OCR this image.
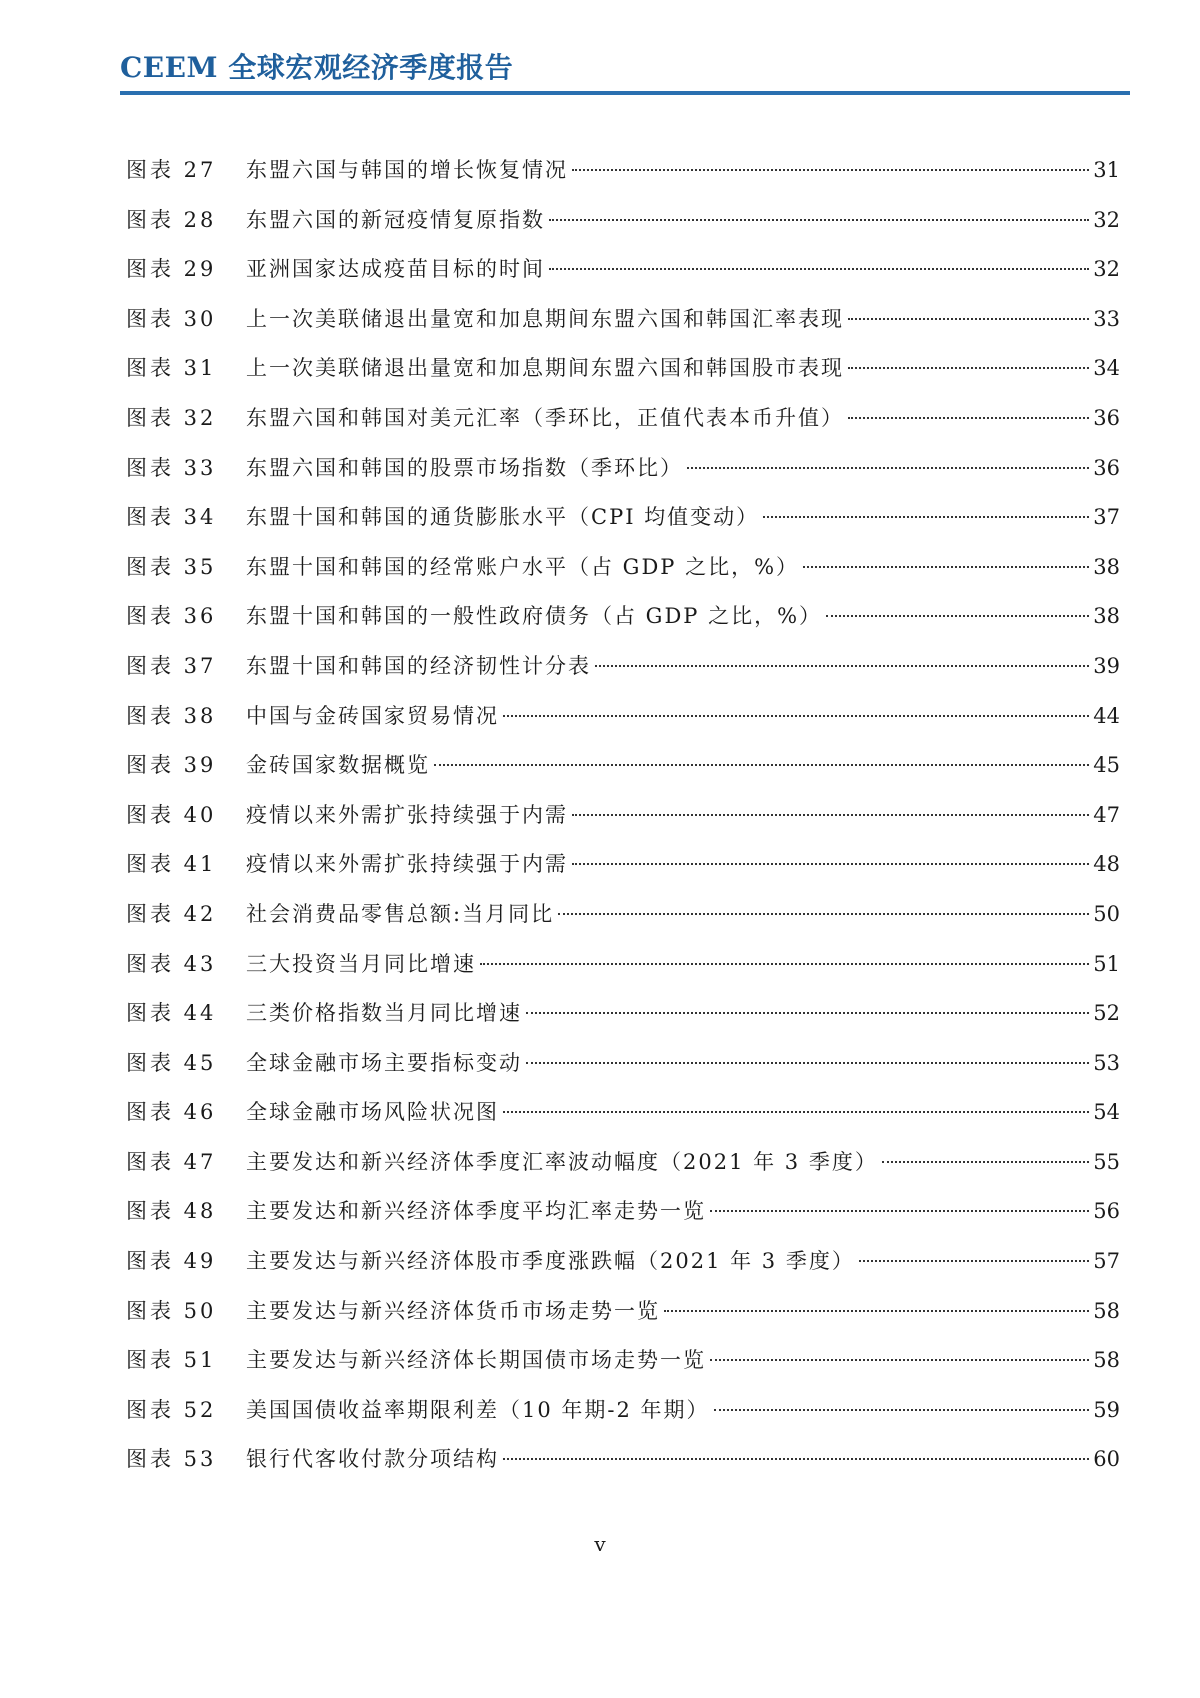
CEEM 全球宏观经济季度报告
图表 27	东盟六国与韩国的增长恢复情况	31
图表 28	东盟六国的新冠疫情复原指数	32
图表 29	亚洲国家达成疫苗目标的时间	32
图表 30	上一次美联储退出量宽和加息期间东盟六国和韩国汇率表现	33
图表 31	上一次美联储退出量宽和加息期间东盟六国和韩国股市表现	34
图表 32	东盟六国和韩国对美元汇率（季环比，正值代表本币升值）	36
图表 33	东盟六国和韩国的股票市场指数（季环比）	36
图表 34	东盟十国和韩国的通货膨胀水平（CPI 均值变动）	37
图表 35	东盟十国和韩国的经常账户水平（占 GDP 之比，%）	38
图表 36	东盟十国和韩国的一般性政府债务（占 GDP 之比，%）	38
图表 37	东盟十国和韩国的经济韧性计分表	39
图表 38	中国与金砖国家贸易情况	44
图表 39	金砖国家数据概览	45
图表 40	疫情以来外需扩张持续强于内需	47
图表 41	疫情以来外需扩张持续强于内需	48
图表 42	社会消费品零售总额:当月同比	50
图表 43	三大投资当月同比增速	51
图表 44	三类价格指数当月同比增速	52
图表 45	全球金融市场主要指标变动	53
图表 46	全球金融市场风险状况图	54
图表 47	主要发达和新兴经济体季度汇率波动幅度（2021 年 3 季度）	55
图表 48	主要发达和新兴经济体季度平均汇率走势一览	56
图表 49	主要发达与新兴经济体股市季度涨跌幅（2021 年 3 季度）	57
图表 50	主要发达与新兴经济体货币市场走势一览	58
图表 51	主要发达与新兴经济体长期国债市场走势一览	58
图表 52	美国国债收益率期限利差（10 年期-2 年期）	59
图表 53	银行代客收付款分项结构	60
v
